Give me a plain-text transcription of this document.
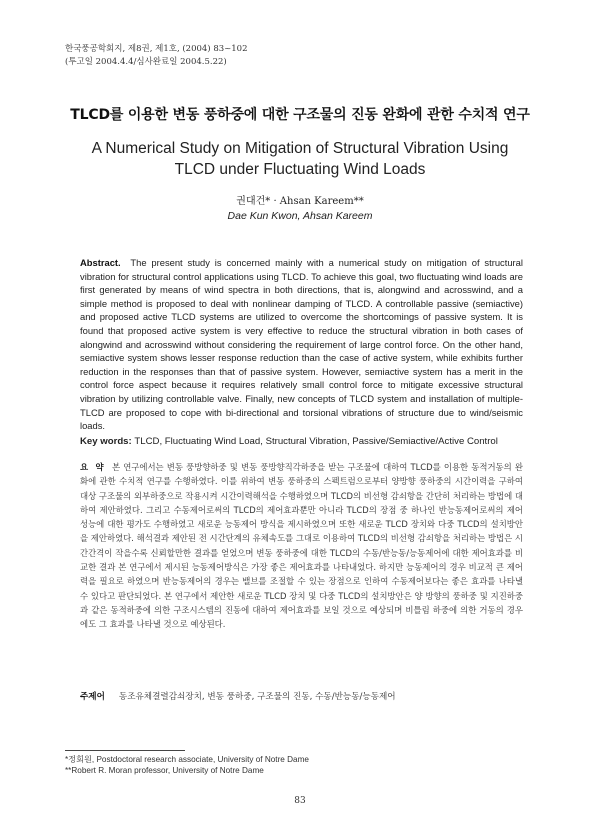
한국풍공학회지, 제8권, 제1호, (2004) 83~102
(투고일 2004.4.4/심사완료일 2004.5.22)
TLCD를 이용한 변동 풍하중에 대한 구조물의 진동 완화에 관한 수치적 연구
A Numerical Study on Mitigation of Structural Vibration Using TLCD under Fluctuating Wind Loads
권대건* · Ahsan Kareem**
Dae Kun Kwon, Ahsan Kareem

Abstract. The present study is concerned mainly with a numerical study on mitigation of structural vibration for structural control applications using TLCD. To achieve this goal, two fluctuating wind loads are first generated by means of wind spectra in both directions, that is, alongwind and acrosswind, and a simple method is proposed to deal with nonlinear damping of TLCD. A controllable passive (semiactive) and proposed active TLCD systems are utilized to overcome the shortcomings of passive system. It is found that proposed active system is very effective to reduce the structural vibration in both cases of alongwind and acrosswind without considering the requirement of large control force. On the other hand, semiactive system shows lesser response reduction than the case of active system, while exhibits further reduction in the responses than that of passive system. However, semiactive system has a merit in the control force aspect because it requires relatively small control force to mitigate excessive structural vibration by utilizing controllable valve. Finally, new concepts of TLCD system and installation of multiple-TLCD are proposed to cope with bi-directional and torsional vibrations of structure due to wind/seismic loads.

Key words: TLCD, Fluctuating Wind Load, Structural Vibration, Passive/Semiactive/Active Control

요 약 본 연구에서는 변동 풍방향하중 및 변동 풍방향직각하중을 받는 구조물에 대하여 TLCD를 이용한 동적거동의 완화에 관한 수치적 연구를 수행하였다. 이를 위하여 변동 풍하중의 스펙트럼으로부터 양방향 풍하중의 시간이력을 구하여 대상 구조물의 외부하중으로 작용시켜 시간이력해석을 수행하였으며 TLCD의 비선형 감쇠항을 간단히 처리하는 방법에 대하여 제안하였다. 그리고 수동제어로써의 TLCD의 제어효과뿐만 아니라 TLCD의 장점 중 하나인 반능동제어로써의 제어 성능에 대한 평가도 수행하였고 새로운 능동제어 방식을 제시하였으며 또한 새로운 TLCD 장치와 다중 TLCD의 설치방안을 제안하였다. 해석결과 제안된 전 시간단계의 유체속도를 그대로 이용하여 TLCD의 비선형 감쇠항을 처리하는 방법은 시간간격이 작을수록 신뢰할만한 결과를 얻었으며 변동 풍하중에 대한 TLCD의 수동/반능동/능동제어에 대한 제어효과를 비교한 결과 본 연구에서 제시된 능동제어방식은 가장 좋은 제어효과를 나타내었다. 하지만 능동제어의 경우 비교적 큰 제어력을 필요로 하였으며 반능동제어의 경우는 밸브를 조절할 수 있는 장점으로 인하여 수동제어보다는 좋은 효과를 나타낼 수 있다고 판단되었다. 본 연구에서 제안한 새로운 TLCD 장치 및 다중 TLCD의 설치방안은 양 방향의 풍하중 및 지진하중과 같은 동적하중에 의한 구조시스템의 진동에 대하여 제어효과를 보일 것으로 예상되며 비틀림 하중에 의한 거동의 경우에도 그 효과를 나타낼 것으로 예상된다.

주제어 동조유체결렬감쇠장치, 변동 풍하중, 구조물의 진동, 수동/반능동/능동제어

*정회원, Postdoctoral research associate, University of Notre Dame
**Robert R. Moran professor, University of Notre Dame
83
